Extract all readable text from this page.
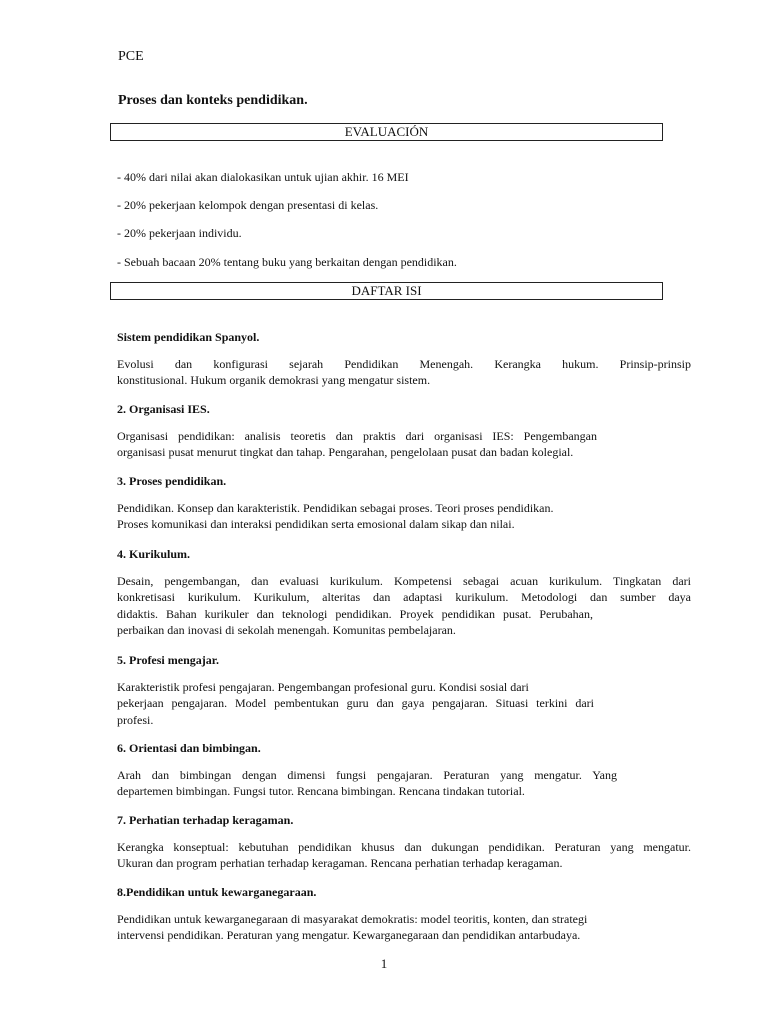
PCE
Proses dan konteks pendidikan.
EVALUACIÓN
- 40% dari nilai akan dialokasikan untuk ujian akhir. 16 MEI
- 20% pekerjaan kelompok dengan presentasi di kelas.
- 20% pekerjaan individu.
- Sebuah bacaan 20% tentang buku yang berkaitan dengan pendidikan.
DAFTAR ISI
Sistem pendidikan Spanyol.
Evolusi dan konfigurasi sejarah Pendidikan Menengah. Kerangka hukum. Prinsip-prinsip
konstitusional. Hukum organik demokrasi yang mengatur sistem.
2. Organisasi IES.
Organisasi pendidikan: analisis teoretis dan praktis dari organisasi IES: Pengembangan
organisasi pusat menurut tingkat dan tahap. Pengarahan, pengelolaan pusat dan badan kolegial.
3. Proses pendidikan.
Pendidikan. Konsep dan karakteristik. Pendidikan sebagai proses. Teori proses pendidikan.
Proses komunikasi dan interaksi pendidikan serta emosional dalam sikap dan nilai.
4. Kurikulum.
Desain, pengembangan, dan evaluasi kurikulum. Kompetensi sebagai acuan kurikulum. Tingkatan dari
konkretisasi kurikulum. Kurikulum, alteritas dan adaptasi kurikulum. Metodologi dan sumber daya
didaktis. Bahan kurikuler dan teknologi pendidikan. Proyek pendidikan pusat. Perubahan,
perbaikan dan inovasi di sekolah menengah. Komunitas pembelajaran.
5. Profesi mengajar.
Karakteristik profesi pengajaran. Pengembangan profesional guru. Kondisi sosial dari
pekerjaan pengajaran. Model pembentukan guru dan gaya pengajaran. Situasi terkini dari
profesi.
6. Orientasi dan bimbingan.
Arah dan bimbingan dengan dimensi fungsi pengajaran. Peraturan yang mengatur. Yang
departemen bimbingan. Fungsi tutor. Rencana bimbingan. Rencana tindakan tutorial.
7. Perhatian terhadap keragaman.
Kerangka konseptual: kebutuhan pendidikan khusus dan dukungan pendidikan. Peraturan yang mengatur.
Ukuran dan program perhatian terhadap keragaman. Rencana perhatian terhadap keragaman.
8.Pendidikan untuk kewarganegaraan.
Pendidikan untuk kewarganegaraan di masyarakat demokratis: model teoritis, konten, dan strategi
intervensi pendidikan. Peraturan yang mengatur. Kewarganegaraan dan pendidikan antarbudaya.
1
